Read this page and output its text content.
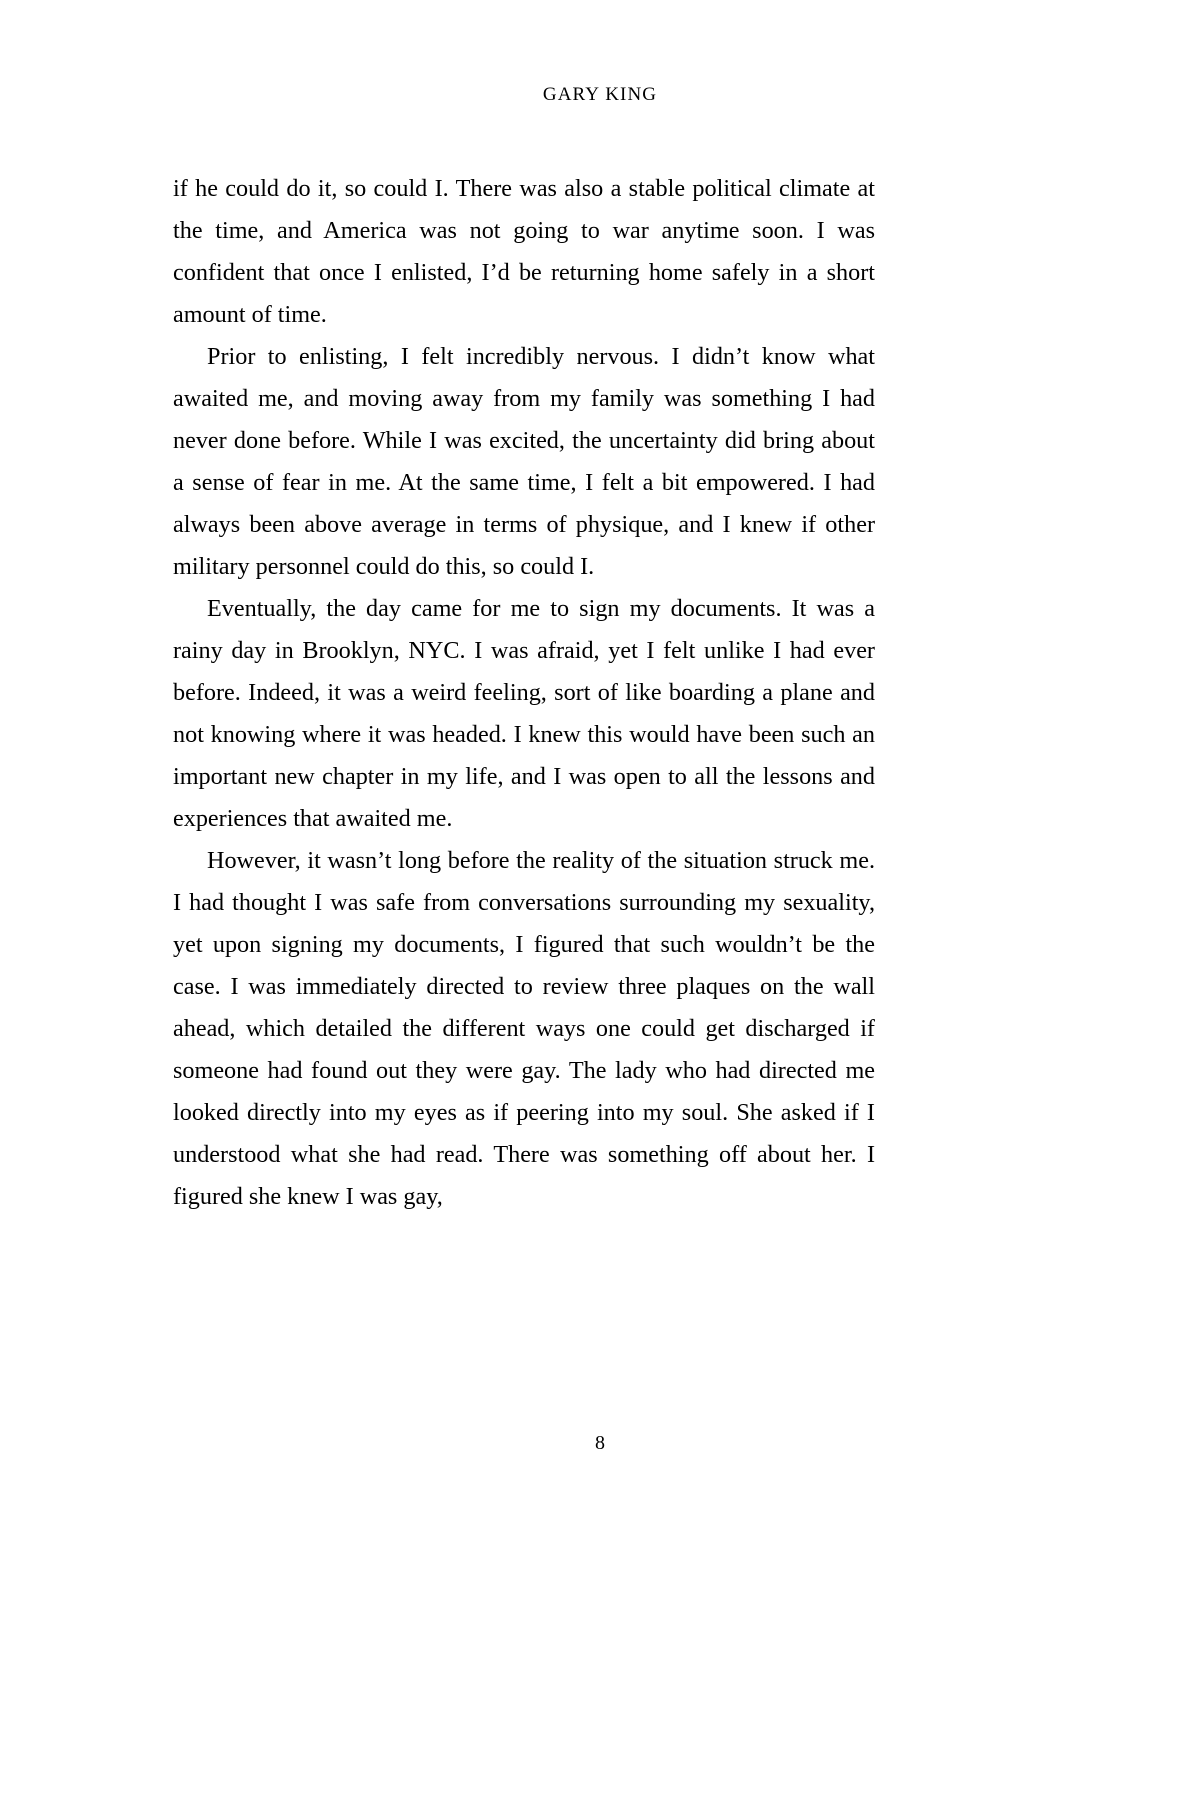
GARY KING

if he could do it, so could I. There was also a stable political climate at the time, and America was not going to war anytime soon. I was confident that once I enlisted, I’d be returning home safely in a short amount of time.

Prior to enlisting, I felt incredibly nervous. I didn’t know what awaited me, and moving away from my family was something I had never done before. While I was excited, the uncertainty did bring about a sense of fear in me. At the same time, I felt a bit empowered. I had always been above average in terms of physique, and I knew if other military personnel could do this, so could I.

Eventually, the day came for me to sign my documents. It was a rainy day in Brooklyn, NYC. I was afraid, yet I felt unlike I had ever before. Indeed, it was a weird feeling, sort of like boarding a plane and not knowing where it was headed. I knew this would have been such an important new chapter in my life, and I was open to all the lessons and experiences that awaited me.

However, it wasn’t long before the reality of the situation struck me. I had thought I was safe from conversations surrounding my sexuality, yet upon signing my documents, I figured that such wouldn’t be the case. I was immediately directed to review three plaques on the wall ahead, which detailed the different ways one could get discharged if someone had found out they were gay. The lady who had directed me looked directly into my eyes as if peering into my soul. She asked if I understood what she had read. There was something off about her. I figured she knew I was gay,

8
